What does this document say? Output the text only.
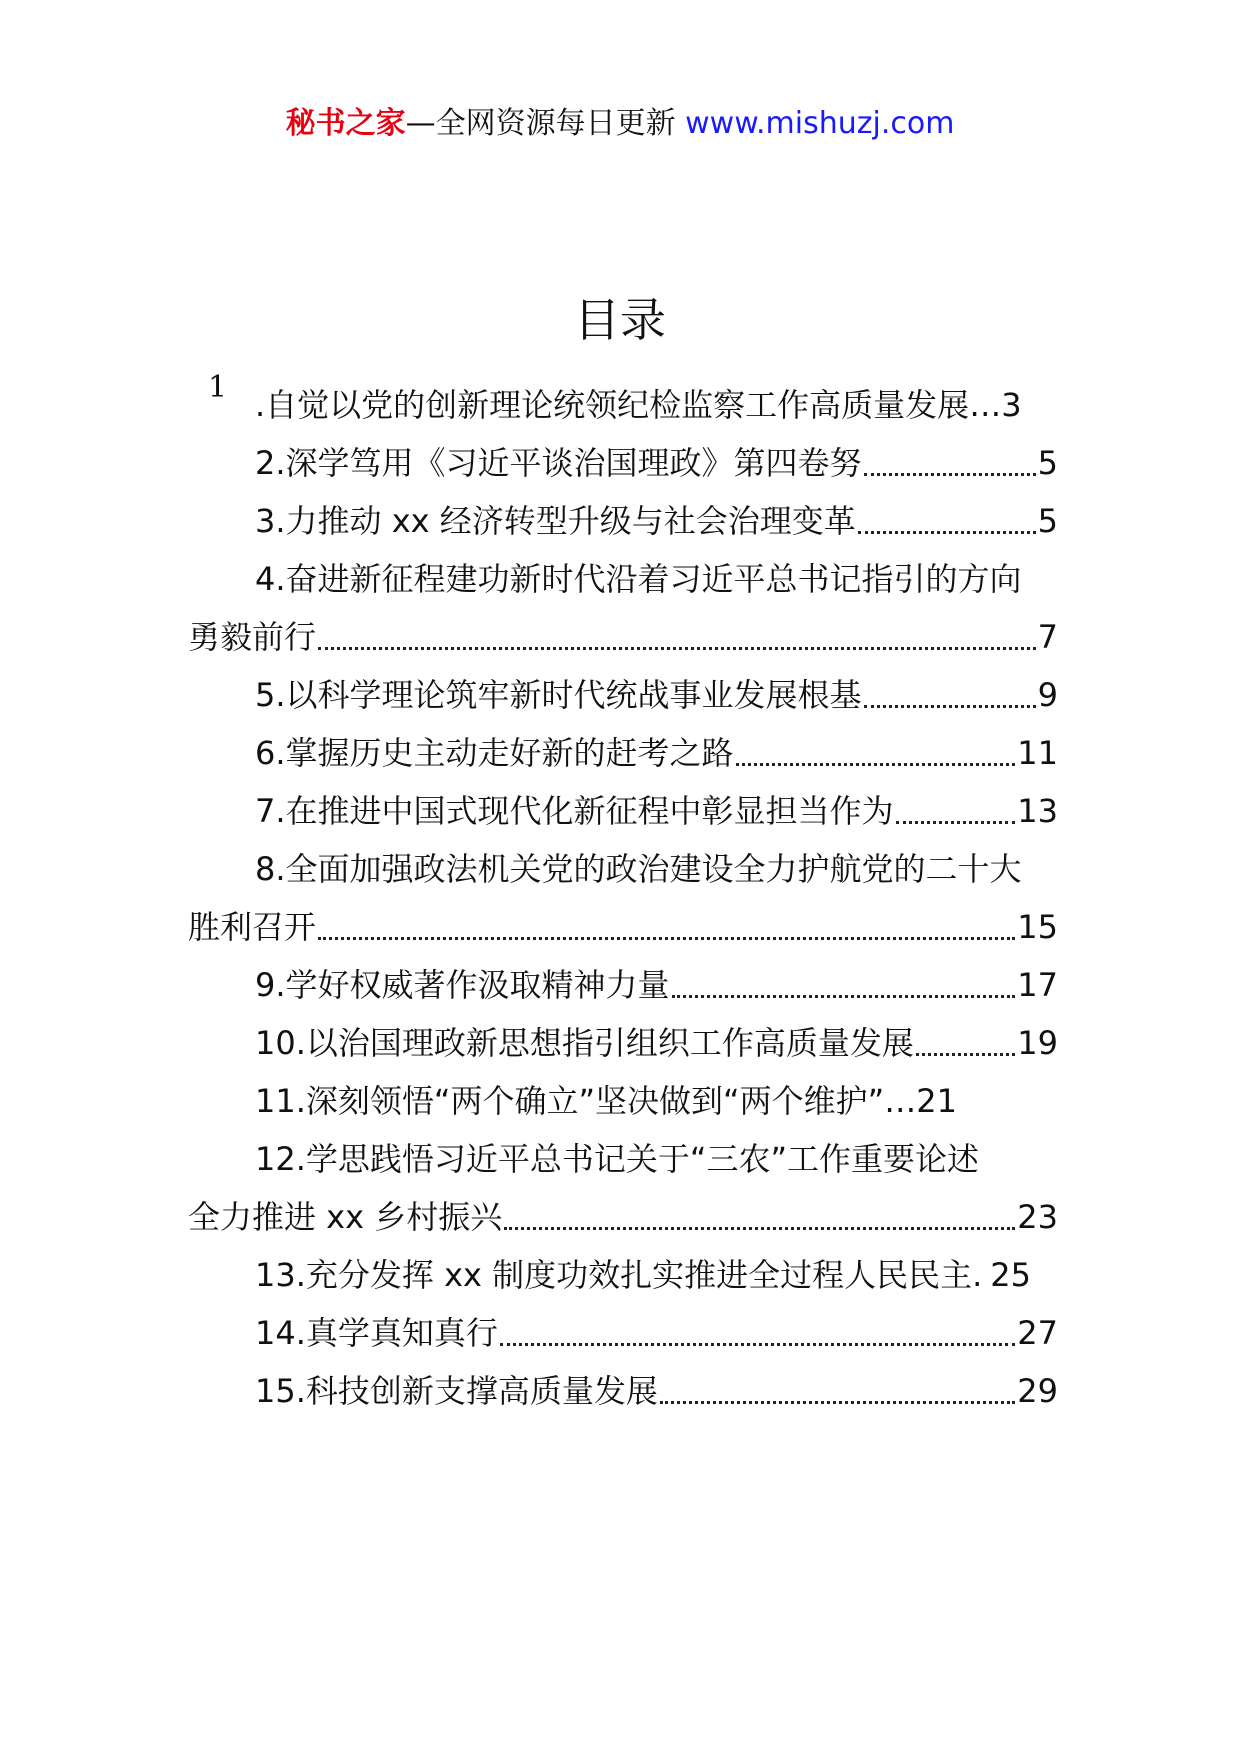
秘书之家—全网资源每日更新 www.mishuzj.com
目录
1 .自觉以党的创新理论统领纪检监察工作高质量发展 … 3
2.深学笃用《习近平谈治国理政》第四卷努	5
3.力推动 xx 经济转型升级与社会治理变革	5
4.奋进新征程建功新时代沿着习近平总书记指引的方向
勇毅前行	7
5.以科学理论筑牢新时代统战事业发展根基	9
6.掌握历史主动走好新的赶考之路	11
7.在推进中国式现代化新征程中彰显担当作为	13
8.全面加强政法机关党的政治建设全力护航党的二十大
胜利召开	15
9.学好权威著作汲取精神力量	17
10.以治国理政新思想指引组织工作高质量发展	19
11.深刻领悟“两个确立”坚决做到“两个维护” … 21
12.学思践悟习近平总书记关于“三农”工作重要论述
全力推进 xx 乡村振兴	23
13.充分发挥 xx 制度功效扎实推进全过程人民民主. 25
14.真学真知真行	27
15.科技创新支撑高质量发展	29
